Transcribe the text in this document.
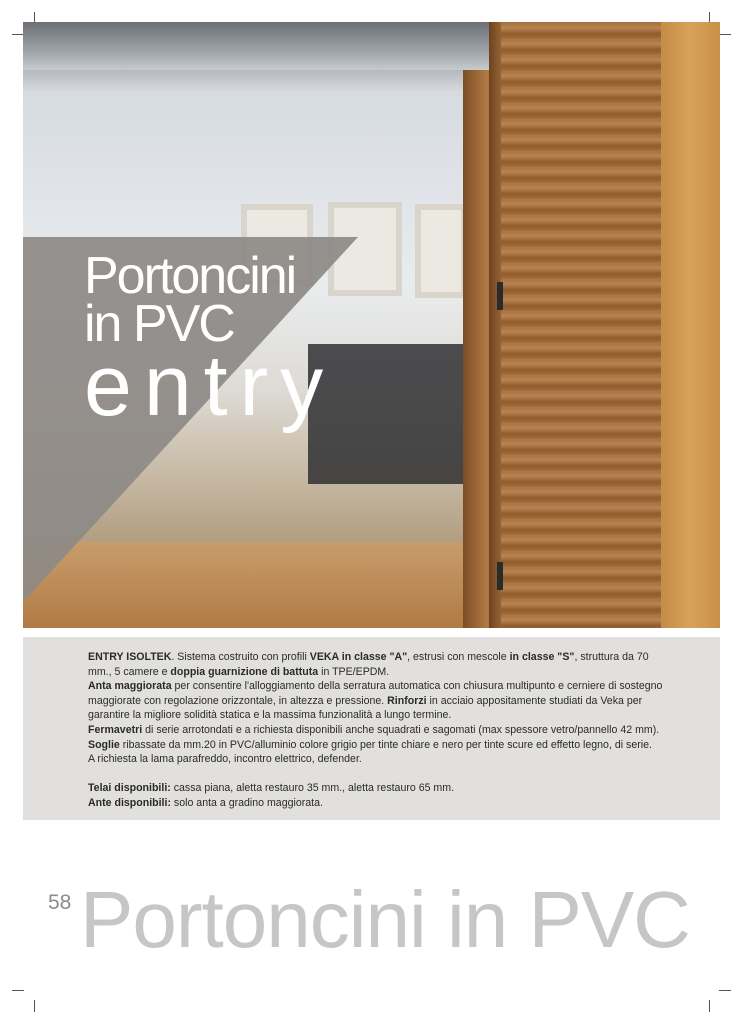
Portoncini
in PVC
entry

ENTRY ISOLTEK. Sistema costruito con profili VEKA in classe "A", estrusi con mescole in classe "S", struttura da 70 mm., 5 camere e doppia guarnizione di battuta in TPE/EPDM.

Anta maggiorata per consentire l'alloggiamento della serratura automatica con chiusura multipunto e cerniere di sostegno maggiorate con regolazione orizzontale, in altezza e pressione. Rinforzi in acciaio appositamente studiati da Veka per garantire la migliore solidità statica e la massima funzionalità a lungo termine.

Fermavetri di serie arrotondati e a richiesta disponibili anche squadrati e sagomati (max spessore vetro/pannello 42 mm).

Soglie ribassate da mm.20 in PVC/alluminio colore grigio per tinte chiare e nero per tinte scure ed effetto legno, di serie.

A richiesta la lama parafreddo, incontro elettrico, defender.

Telai disponibili: cassa piana, aletta restauro 35 mm., aletta restauro 65 mm.

Ante disponibili: solo anta a gradino maggiorata.

58 Portoncini in PVC
